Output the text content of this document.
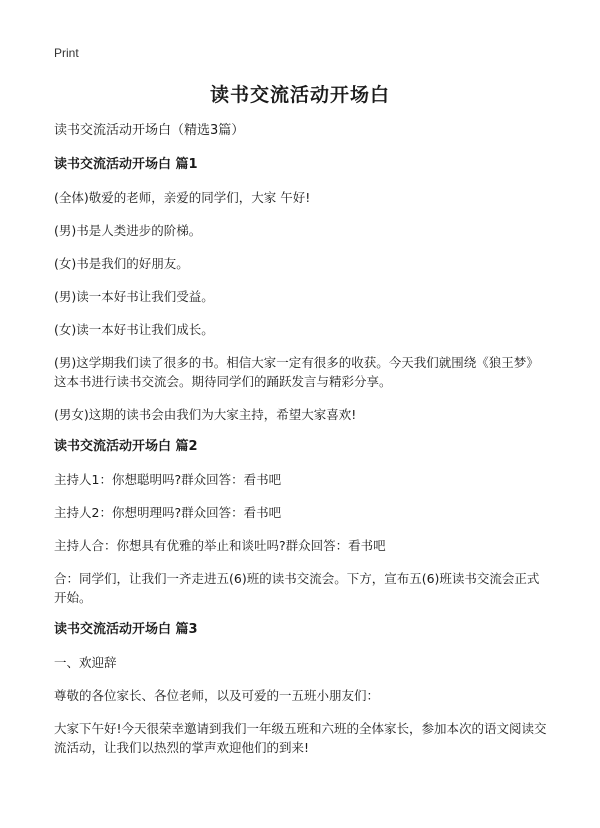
Print
读书交流活动开场白

读书交流活动开场白（精选3篇）

读书交流活动开场白 篇1

(全体)敬爱的老师，亲爱的同学们，大家 午好!

(男)书是人类进步的阶梯。

(女)书是我们的好朋友。

(男)读一本好书让我们受益。

(女)读一本好书让我们成长。

(男)这学期我们读了很多的书。相信大家一定有很多的收获。今天我们就围绕《狼王梦》这本书进行读书交流会。期待同学们的踊跃发言与精彩分享。

(男女)这期的读书会由我们为大家主持，希望大家喜欢!

读书交流活动开场白 篇2

主持人1：你想聪明吗?群众回答：看书吧

主持人2：你想明理吗?群众回答：看书吧

主持人合：你想具有优雅的举止和谈吐吗?群众回答：看书吧

合：同学们，让我们一齐走进五(6)班的读书交流会。下方，宣布五(6)班读书交流会正式开始。

读书交流活动开场白 篇3

一、欢迎辞

尊敬的各位家长、各位老师，以及可爱的一五班小朋友们：

大家下午好!今天很荣幸邀请到我们一年级五班和六班的全体家长，参加本次的语文阅读交流活动，让我们以热烈的掌声欢迎他们的到来!
